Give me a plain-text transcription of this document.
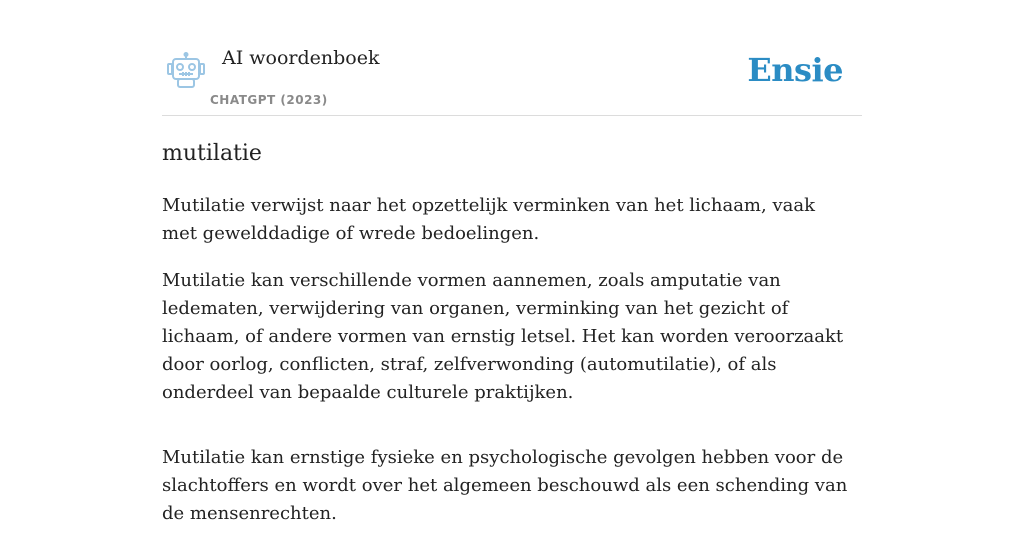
AI woordenboek
CHATGPT (2023)
Ensie
mutilatie

Mutilatie verwijst naar het opzettelijk verminken van het lichaam, vaak met gewelddadige of wrede bedoelingen.

Mutilatie kan verschillende vormen aannemen, zoals amputatie van ledematen, verwijdering van organen, verminking van het gezicht of lichaam, of andere vormen van ernstig letsel. Het kan worden veroorzaakt door oorlog, conflicten, straf, zelfverwonding (automutilatie), of als onderdeel van bepaalde culturele praktijken.

Mutilatie kan ernstige fysieke en psychologische gevolgen hebben voor de slachtoffers en wordt over het algemeen beschouwd als een schending van de mensenrechten.
